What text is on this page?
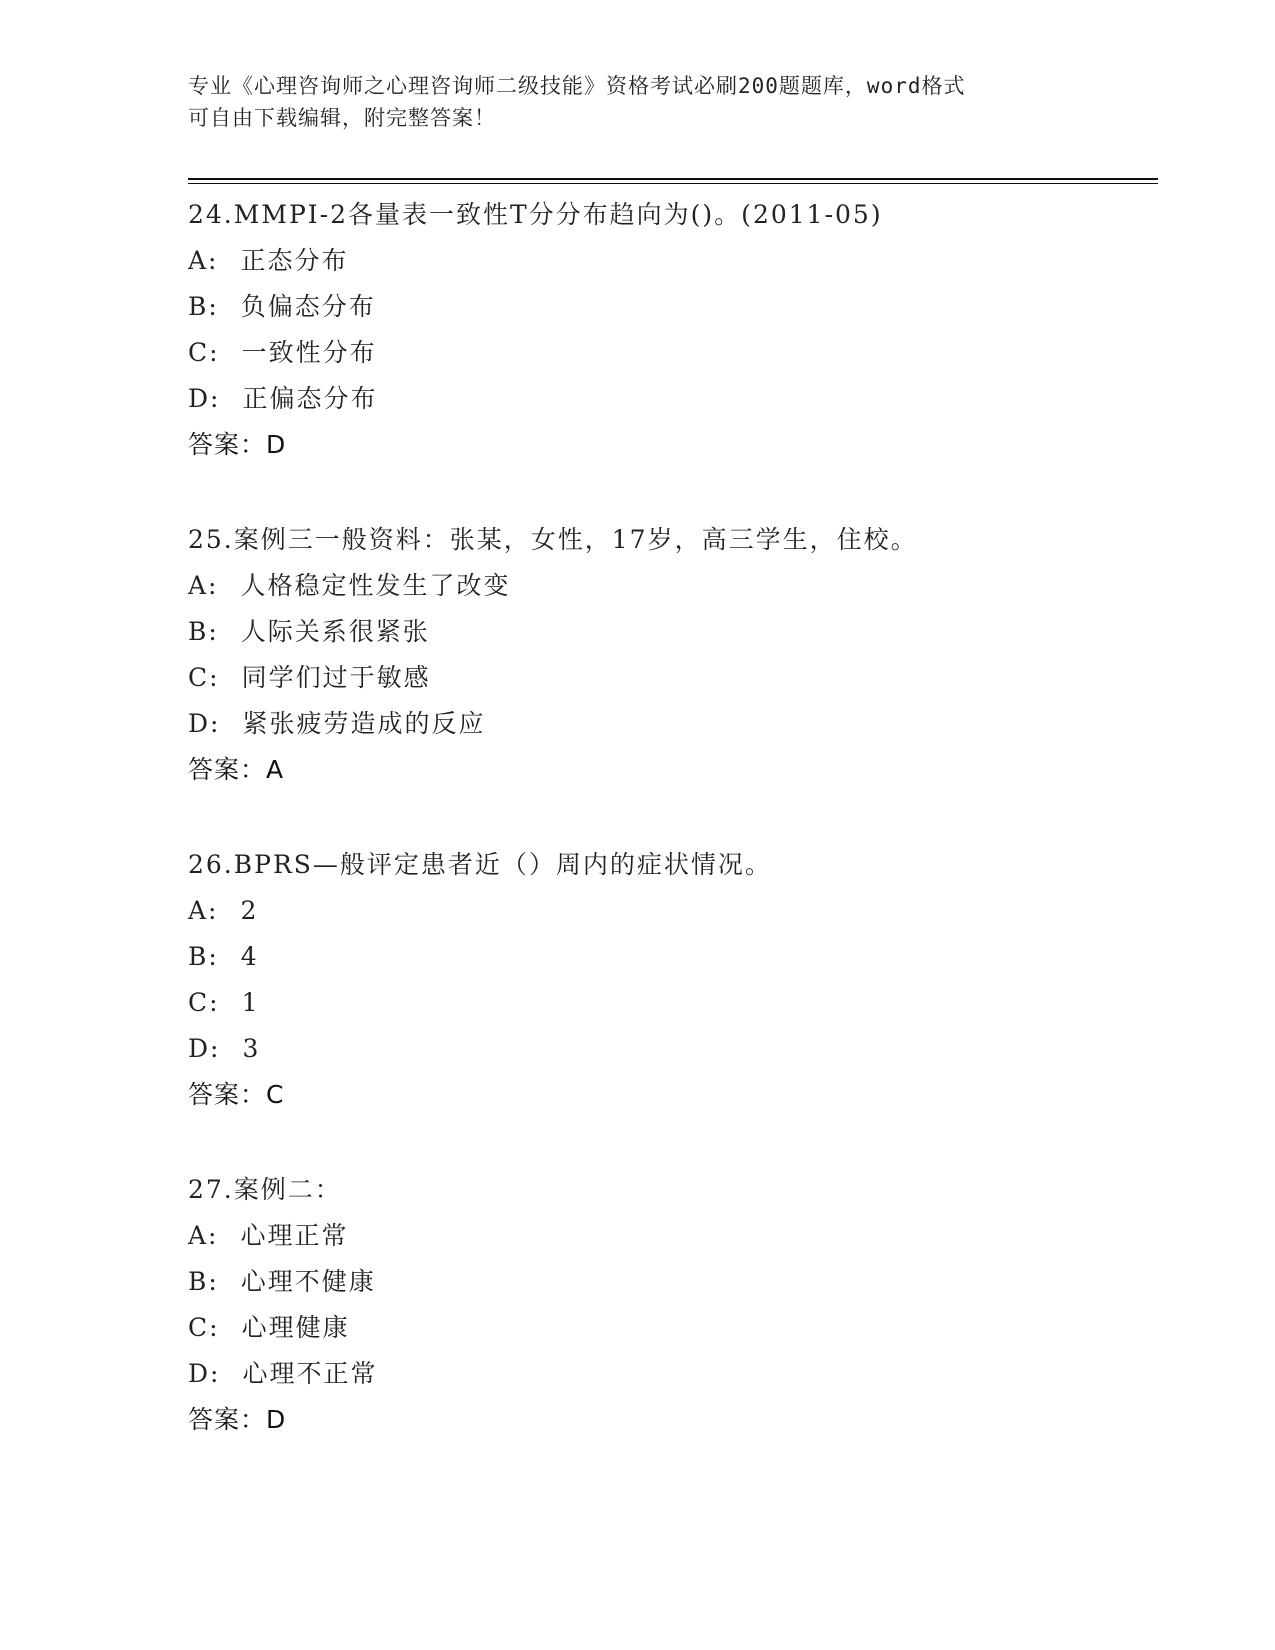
专业《心理咨询师之心理咨询师二级技能》资格考试必刷200题题库，word格式
可自由下载编辑，附完整答案！
24.MMPI-2各量表一致性T分分布趋向为()。(2011-05)
A: 正态分布
B: 负偏态分布
C: 一致性分布
D: 正偏态分布
答案：D
25.案例三一般资料：张某，女性，17岁，高三学生，住校。
A: 人格稳定性发生了改变
B: 人际关系很紧张
C: 同学们过于敏感
D: 紧张疲劳造成的反应
答案：A
26.BPRS—般评定患者近（）周内的症状情况。
A: 2
B: 4
C: 1
D: 3
答案：C
27.案例二：
A: 心理正常
B: 心理不健康
C: 心理健康
D: 心理不正常
答案：D
